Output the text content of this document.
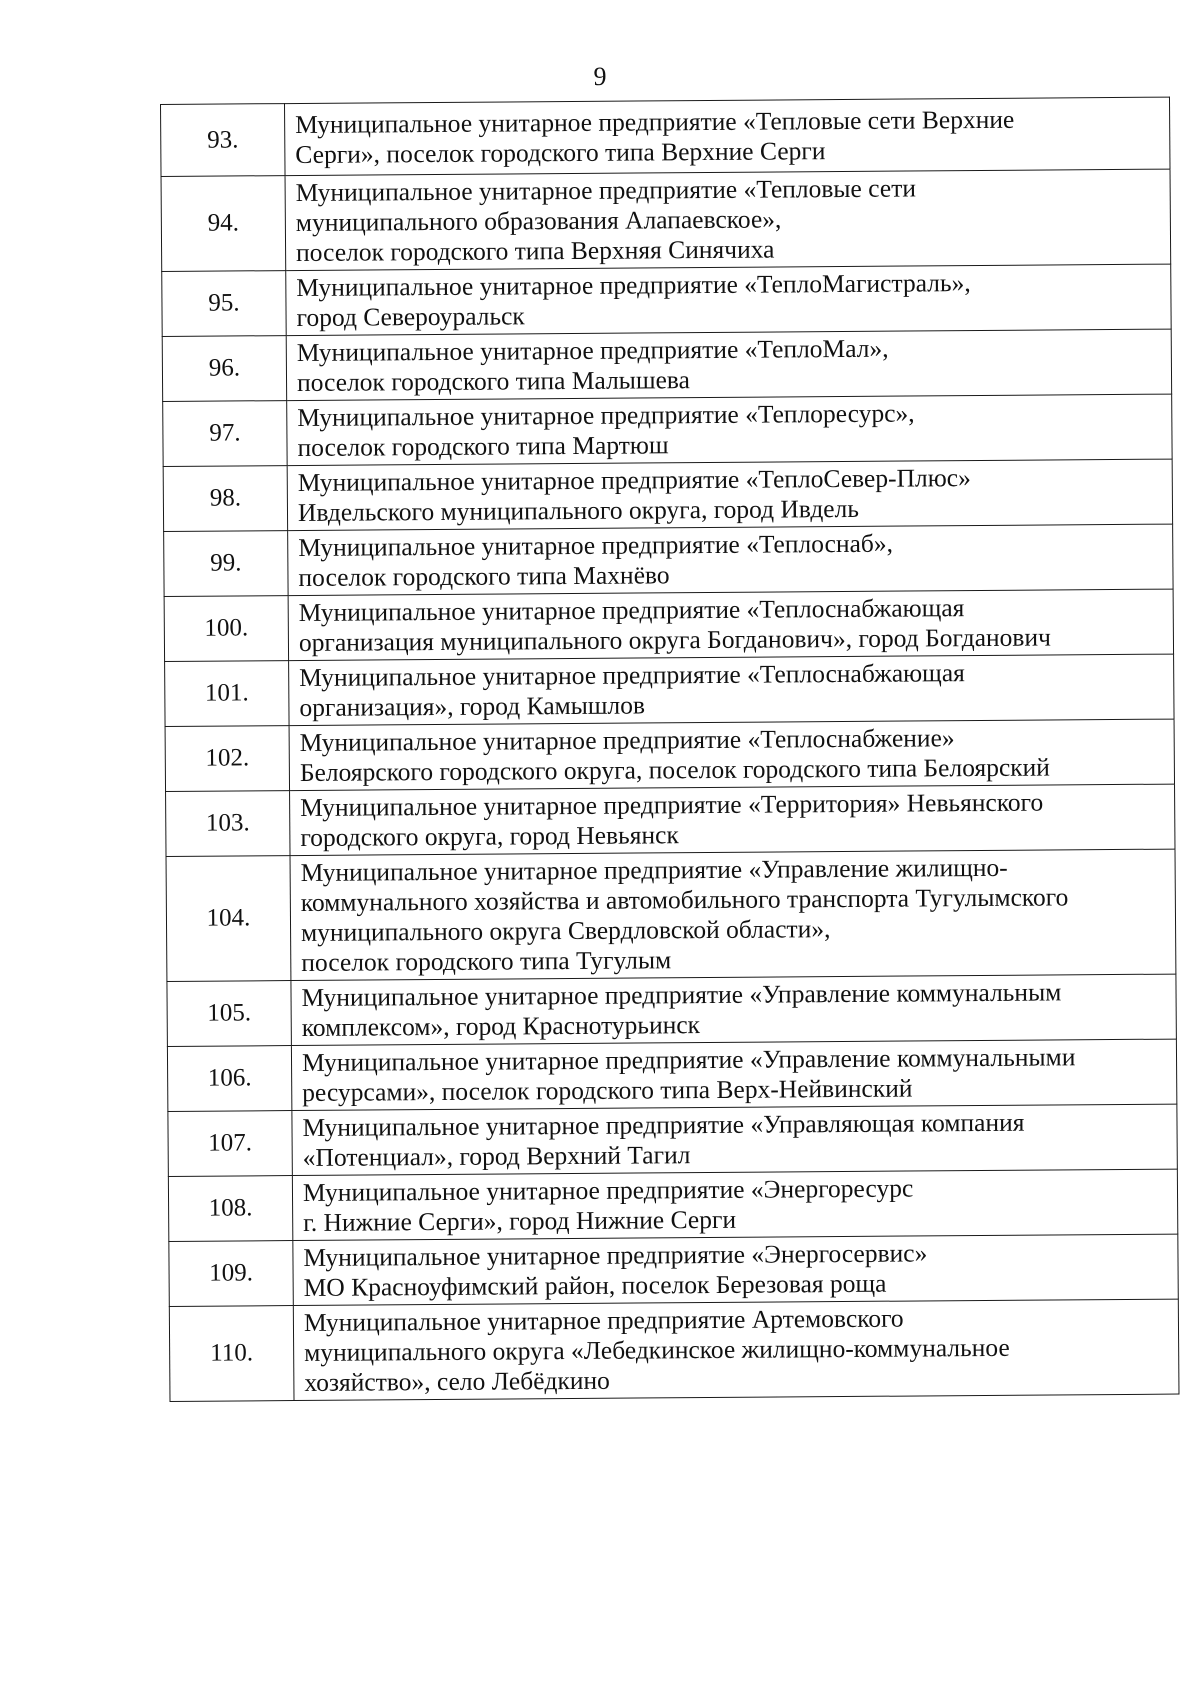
9
93.	Муниципальное унитарное предприятие «Тепловые сети Верхние
Серги», поселок городского типа Верхние Серги

94.	Муниципальное унитарное предприятие «Тепловые сети
муниципального образования Алапаевское»,
поселок городского типа Верхняя Синячиха

95.	Муниципальное унитарное предприятие «ТеплоМагистраль»,
город Североуральск

96.	Муниципальное унитарное предприятие «ТеплоМал»,
поселок городского типа Малышева

97.	Муниципальное унитарное предприятие «Теплоресурс»,
поселок городского типа Мартюш

98.	Муниципальное унитарное предприятие «ТеплоСевер-Плюс»
Ивдельского муниципального округа, город Ивдель

99.	Муниципальное унитарное предприятие «Теплоснаб»,
поселок городского типа Махнёво

100.	Муниципальное унитарное предприятие «Теплоснабжающая
организация муниципального округа Богданович», город Богданович

101.	Муниципальное унитарное предприятие «Теплоснабжающая
организация», город Камышлов

102.	Муниципальное унитарное предприятие «Теплоснабжение»
Белоярского городского округа, поселок городского типа Белоярский

103.	Муниципальное унитарное предприятие «Территория» Невьянского
городского округа, город Невьянск

104.	Муниципальное унитарное предприятие «Управление жилищно-
коммунального хозяйства и автомобильного транспорта Тугулымского
муниципального округа Свердловской области»,
поселок городского типа Тугулым

105.	Муниципальное унитарное предприятие «Управление коммунальным
комплексом», город Краснотурьинск

106.	Муниципальное унитарное предприятие «Управление коммунальными
ресурсами», поселок городского типа Верх-Нейвинский

107.	Муниципальное унитарное предприятие «Управляющая компания
«Потенциал», город Верхний Тагил

108.	Муниципальное унитарное предприятие «Энергоресурс
г. Нижние Серги», город Нижние Серги

109.	Муниципальное унитарное предприятие «Энергосервис»
МО Красноуфимский район, поселок Березовая роща

110.	Муниципальное унитарное предприятие Артемовского
муниципального округа «Лебедкинское жилищно-коммунальное
хозяйство», село Лебёдкино
